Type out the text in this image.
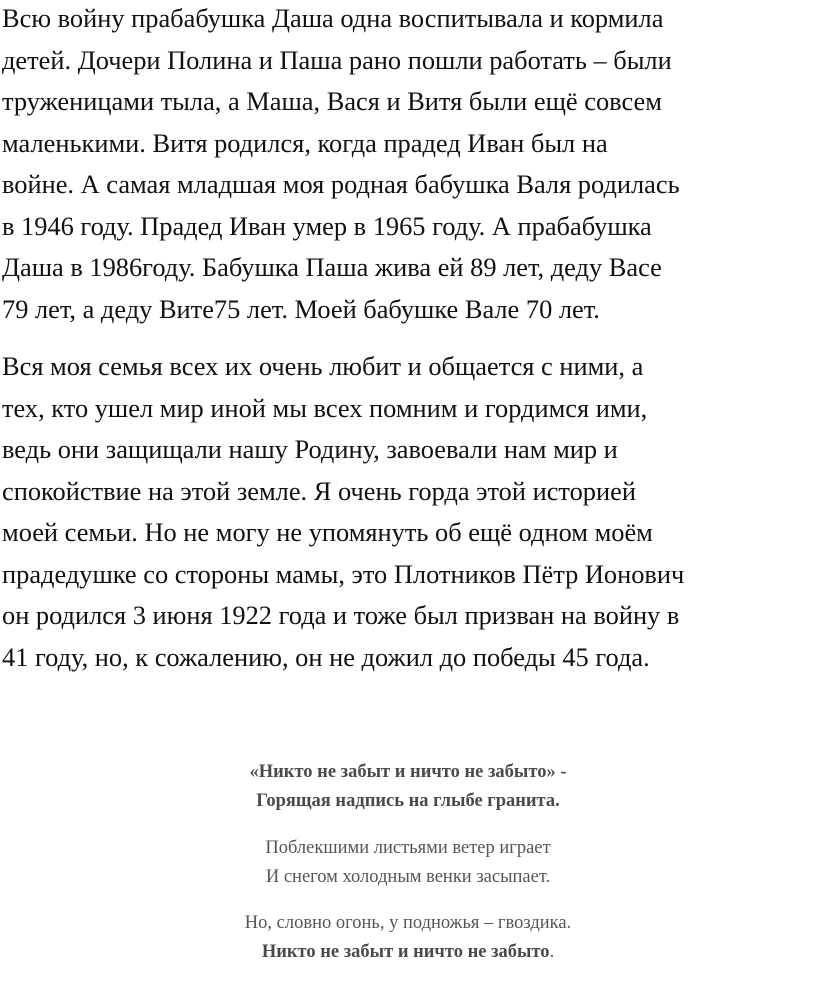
Всю войну прабабушка Даша одна воспитывала и кормила
детей. Дочери Полина и Паша рано пошли работать – были
труженицами тыла, а Маша, Вася и Витя были ещё совсем
маленькими. Витя родился, когда прадед Иван был на
войне. А самая младшая моя родная бабушка Валя родилась
в 1946 году. Прадед Иван умер в 1965 году. А прабабушка
Даша в 1986году. Бабушка Паша жива ей 89 лет, деду Васе
79 лет, а деду Вите75 лет. Моей бабушке Вале 70 лет.
Вся моя семья всех их очень любит и общается с ними, а
тех, кто ушел мир иной мы всех помним и гордимся ими,
ведь они защищали нашу Родину, завоевали нам мир и
спокойствие на этой земле. Я очень горда этой историей
моей семьи. Но не могу не упомянуть об ещё одном моём
прадедушке со стороны мамы, это Плотников Пётр Ионович
он родился 3 июня 1922 года и тоже был призван на войну в
41 году, но, к сожалению, он не дожил до победы 45 года.
«Никто не забыт и ничто не забыто» -
Горящая надпись на глыбе гранита.
Поблекшими листьями ветер играет
И снегом холодным венки засыпает.
Но, словно огонь, у подножья – гвоздика.
Никто не забыт и ничто не забыто.
